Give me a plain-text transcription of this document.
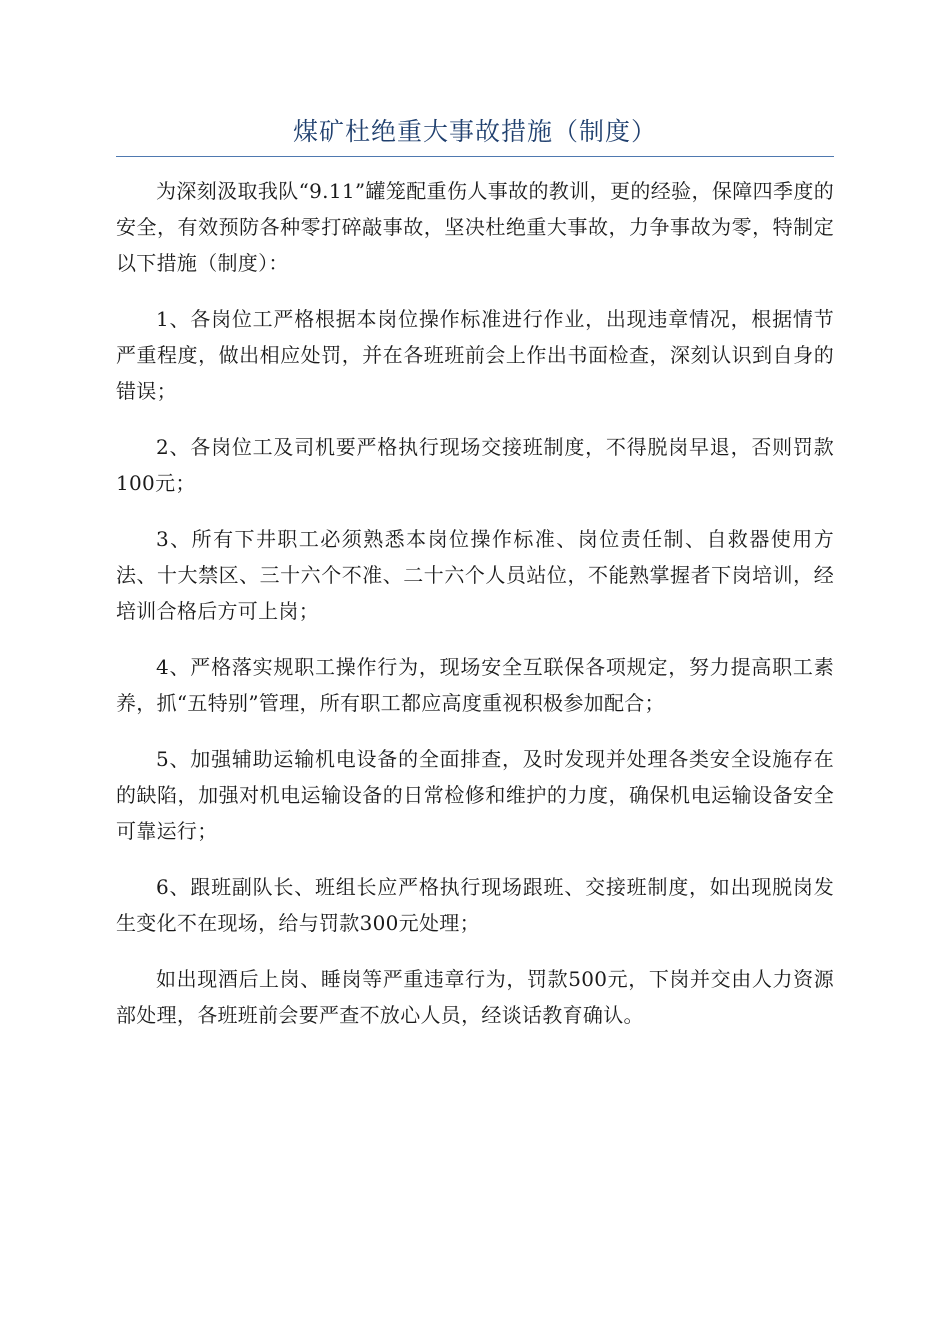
煤矿杜绝重大事故措施（制度）

为深刻汲取我队“9.11”罐笼配重伤人事故的教训，更的经验，保障四季度的安全，有效预防各种零打碎敲事故，坚决杜绝重大事故，力争事故为零，特制定以下措施（制度）：

1、各岗位工严格根据本岗位操作标准进行作业，出现违章情况，根据情节严重程度，做出相应处罚，并在各班班前会上作出书面检查，深刻认识到自身的错误；

2、各岗位工及司机要严格执行现场交接班制度，不得脱岗早退，否则罚款100元；

3、所有下井职工必须熟悉本岗位操作标准、岗位责任制、自救器使用方法、十大禁区、三十六个不准、二十六个人员站位，不能熟掌握者下岗培训，经培训合格后方可上岗；

4、严格落实规职工操作行为，现场安全互联保各项规定，努力提高职工素养，抓“五特别”管理，所有职工都应高度重视积极参加配合；

5、加强辅助运输机电设备的全面排查，及时发现并处理各类安全设施存在的缺陷，加强对机电运输设备的日常检修和维护的力度，确保机电运输设备安全可靠运行；

6、跟班副队长、班组长应严格执行现场跟班、交接班制度，如出现脱岗发生变化不在现场，给与罚款300元处理；

如出现酒后上岗、睡岗等严重违章行为，罚款500元，下岗并交由人力资源部处理，各班班前会要严查不放心人员，经谈话教育确认。
